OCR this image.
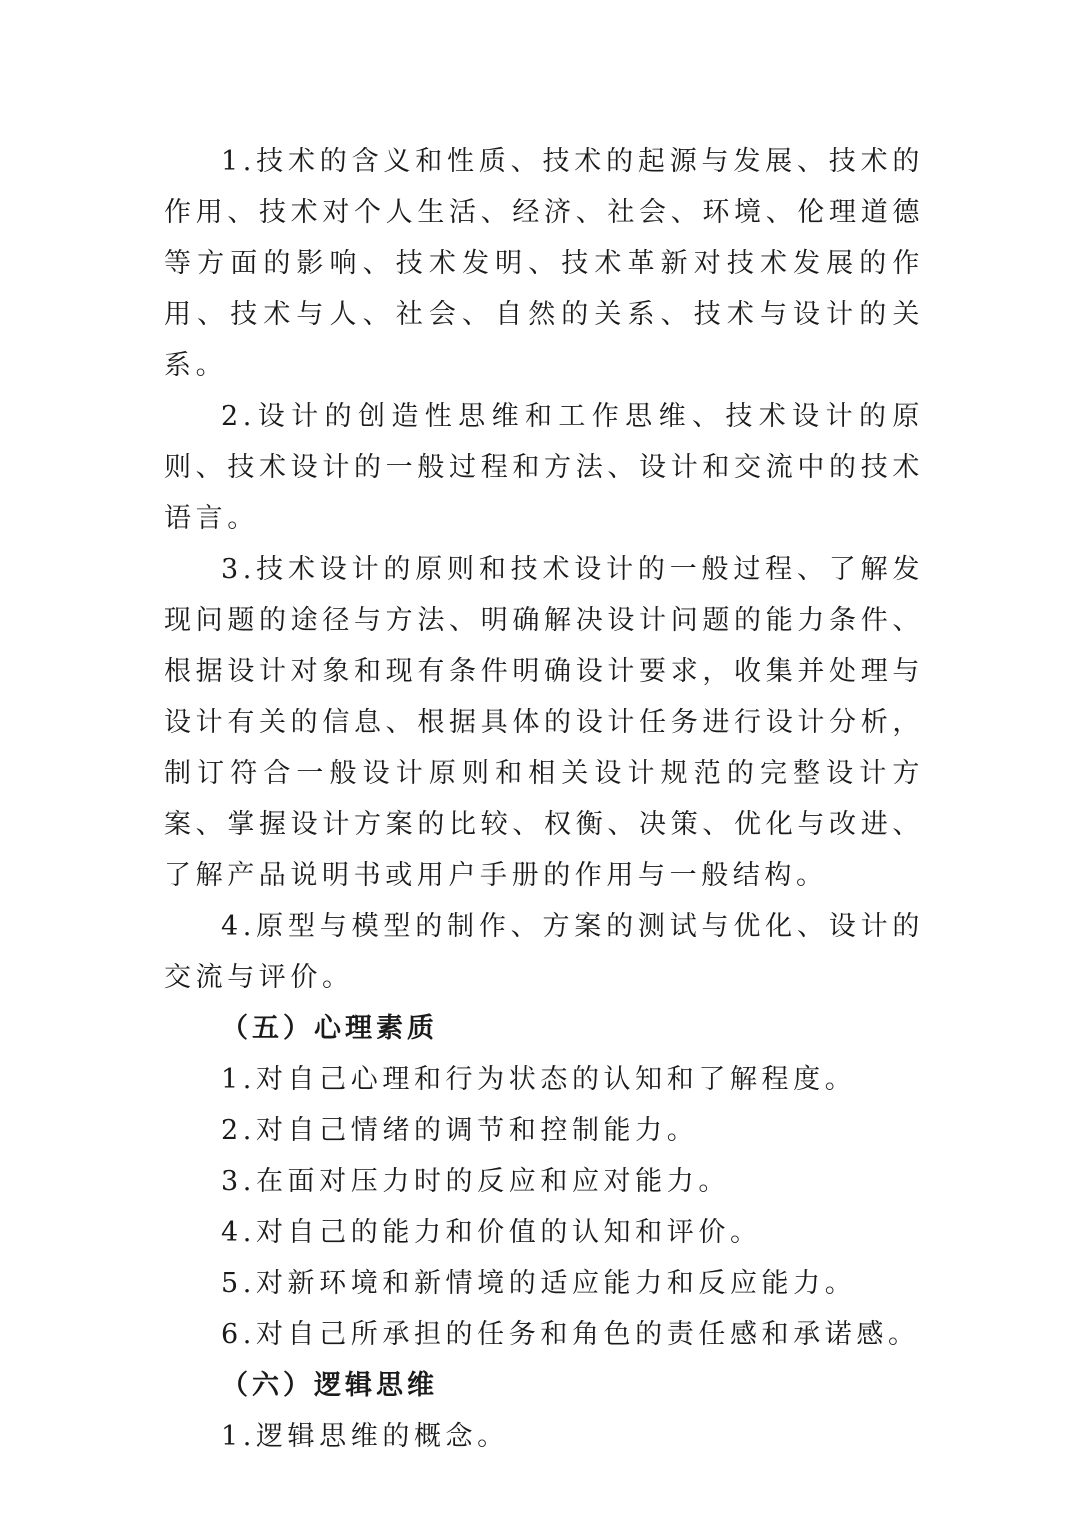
1.技术的含义和性质、技术的起源与发展、技术的作用、技术对个人生活、经济、社会、环境、伦理道德等方面的影响、技术发明、技术革新对技术发展的作用、技术与人、社会、自然的关系、技术与设计的关系。

2.设计的创造性思维和工作思维、技术设计的原则、技术设计的一般过程和方法、设计和交流中的技术语言。

3.技术设计的原则和技术设计的一般过程、了解发现问题的途径与方法、明确解决设计问题的能力条件、根据设计对象和现有条件明确设计要求，收集并处理与设计有关的信息、根据具体的设计任务进行设计分析，制订符合一般设计原则和相关设计规范的完整设计方案、掌握设计方案的比较、权衡、决策、优化与改进、了解产品说明书或用户手册的作用与一般结构。

4.原型与模型的制作、方案的测试与优化、设计的交流与评价。

（五）心理素质

1.对自己心理和行为状态的认知和了解程度。

2.对自己情绪的调节和控制能力。

3.在面对压力时的反应和应对能力。

4.对自己的能力和价值的认知和评价。

5.对新环境和新情境的适应能力和反应能力。

6.对自己所承担的任务和角色的责任感和承诺感。

（六）逻辑思维

1.逻辑思维的概念。
